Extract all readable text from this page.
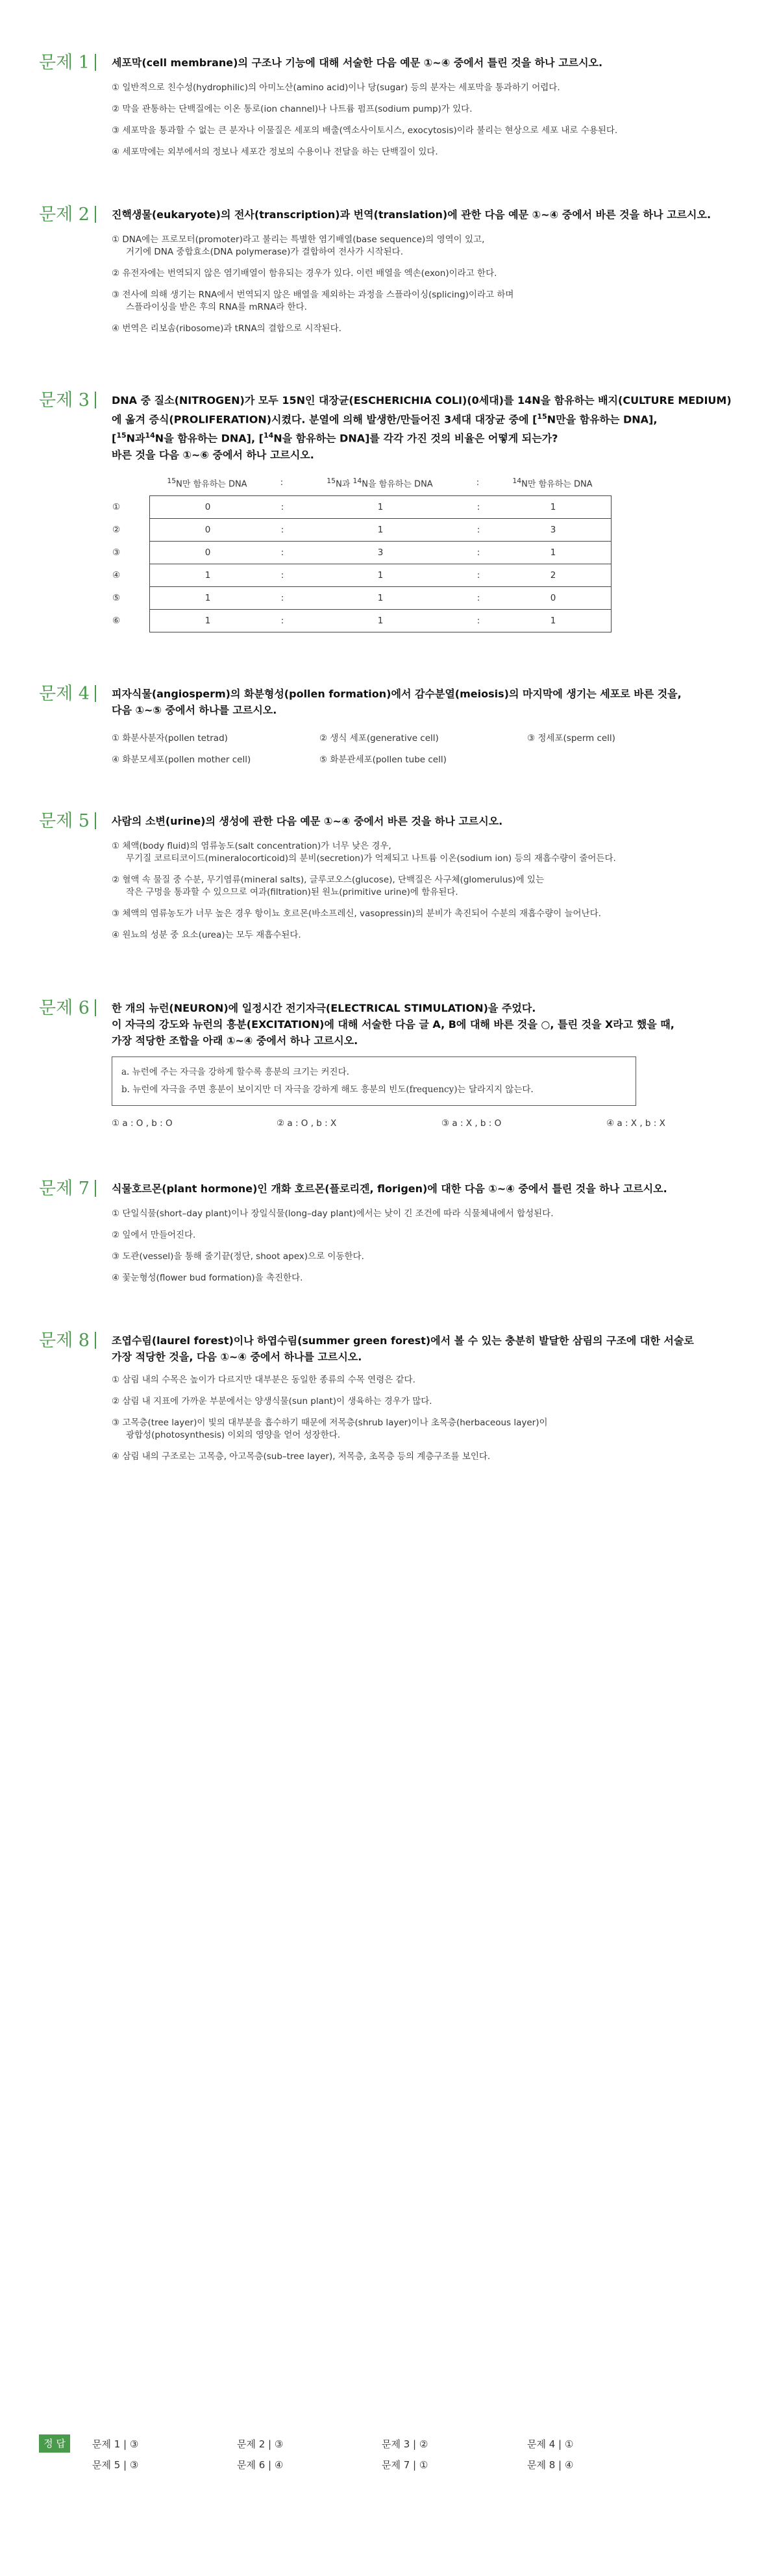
문제 1	세포막(cell membrane)의 구조나 기능에 대해 서술한 다음 예문 ①~④ 중에서 틀린 것을 하나 고르시오.
① 일반적으로 친수성(hydrophilic)의 아미노산(amino acid)이나 당(sugar) 등의 분자는 세포막을 통과하기 어렵다.
② 막을 관통하는 단백질에는 이온 통로(ion channel)나 나트륨 펌프(sodium pump)가 있다.
③ 세포막을 통과할 수 없는 큰 분자나 이물질은 세포의 배출(엑소사이토시스, exocytosis)이라 불리는 현상으로 세포 내로 수용된다.
④ 세포막에는 외부에서의 정보나 세포간 정보의 수용이나 전달을 하는 단백질이 있다.
문제 2	진핵생물(eukaryote)의 전사(transcription)과 번역(translation)에 관한 다음 예문 ①~④ 중에서 바른 것을 하나 고르시오.
① DNA에는 프로모터(promoter)라고 불리는 특별한 염기배열(base sequence)의 영역이 있고,
거기에 DNA 중합효소(DNA polymerase)가 결합하여 전사가 시작된다.
② 유전자에는 번역되지 않은 염기배열이 함유되는 경우가 있다. 이런 배열을 엑손(exon)이라고 한다.
③ 전사에 의해 생기는 RNA에서 번역되지 않은 배열을 제외하는 과정을 스플라이싱(splicing)이라고 하며
스플라이싱을 받은 후의 RNA를 mRNA라 한다.
④ 번역은 리보솜(ribosome)과 tRNA의 결합으로 시작된다.
문제 3	DNA 중 질소(NITROGEN)가 모두 15N인 대장균(ESCHERICHIA COLI)(0세대)를 14N을 함유하는 배지(CULTURE MEDIUM)
에 옮겨 증식(PROLIFERATION)시켰다. 분열에 의해 발생한/만들어진 3세대 대장균 중에 [$^{15}$N만을 함유하는 DNA],
[$^{15}$N과$^{14}$N을 함유하는 DNA], [$^{14}$N을 함유하는 DNA]를 각각 가진 것의 비율은 어떻게 되는가?
바른 것을 다음 ①~⑥ 중에서 하나 고르시오.
	$^{15}$N만 함유하는 DNA	:	$^{15}$N과 $^{14}$N을 함유하는 DNA	:	$^{14}$N만 함유하는 DNA
①	0	:	1	:	1
②	0	:	1	:	3
③	0	:	3	:	1
④	1	:	1	:	2
⑤	1	:	1	:	0
⑥	1	:	1	:	1
문제 4	피자식물(angiosperm)의 화분형성(pollen formation)에서 감수분열(meiosis)의 마지막에 생기는 세포로 바른 것을,
다음 ①~⑤ 중에서 하나를 고르시오.
① 화분사분자(pollen tetrad)	② 생식 세포(generative cell)	③ 정세포(sperm cell)
④ 화분모세포(pollen mother cell)	⑤ 화분관세포(pollen tube cell)
문제 5	사람의 소변(urine)의 생성에 관한 다음 예문 ①~④ 중에서 바른 것을 하나 고르시오.
① 체액(body fluid)의 염류농도(salt concentration)가 너무 낮은 경우,
무기질 코르티코이드(mineralocorticoid)의 분비(secretion)가 억제되고 나트륨 이온(sodium ion) 등의 재흡수량이 줄어든다.
② 혈액 속 물질 중 수분, 무기염류(mineral salts), 글루코오스(glucose), 단백질은 사구체(glomerulus)에 있는
작은 구멍을 통과할 수 있으므로 여과(filtration)된 원뇨(primitive urine)에 함유된다.
③ 체액의 염류농도가 너무 높은 경우 항이뇨 호르몬(바소프레신, vasopressin)의 분비가 촉진되어 수분의 재흡수량이 늘어난다.
④ 원뇨의 성분 중 요소(urea)는 모두 재흡수된다.
문제 6	한 개의 뉴런(NEURON)에 일정시간 전기자극(ELECTRICAL STIMULATION)을 주었다.
이 자극의 강도와 뉴런의 흥분(EXCITATION)에 대해 서술한 다음 글 A, B에 대해 바른 것을 ○, 틀린 것을 X라고 했을 때,
가장 적당한 조합을 아래 ①~④ 중에서 하나 고르시오.
a. 뉴런에 주는 자극을 강하게 할수록 흥분의 크기는 커진다.
b. 뉴런에 자극을 주면 흥분이 보이지만 더 자극을 강하게 해도 흥분의 빈도(frequency)는 달라지지 않는다.
① a : O , b : O	② a : O , b : X	③ a : X , b : O	④ a : X , b : X
문제 7	식물호르몬(plant hormone)인 개화 호르몬(플로리겐, florigen)에 대한 다음 ①~④ 중에서 틀린 것을 하나 고르시오.
① 단일식물(short–day plant)이나 장일식물(long–day plant)에서는 낮이 긴 조건에 따라 식물체내에서 합성된다.
② 잎에서 만들어진다.
③ 도관(vessel)을 통해 줄기끝(정단, shoot apex)으로 이동한다.
④ 꽃눈형성(flower bud formation)을 촉진한다.
문제 8	조엽수림(laurel forest)이나 하엽수림(summer green forest)에서 볼 수 있는 충분히 발달한 삼림의 구조에 대한 서술로
가장 적당한 것을, 다음 ①~④ 중에서 하나를 고르시오.
① 삼림 내의 수목은 높이가 다르지만 대부분은 동일한 종류의 수목 연령은 같다.
② 삼림 내 지표에 가까운 부분에서는 양생식물(sun plant)이 생육하는 경우가 많다.
③ 고목층(tree layer)이 빛의 대부분을 흡수하기 때문에 저목층(shrub layer)이나 초목층(herbaceous layer)이
광합성(photosynthesis) 이외의 영양을 얻어 성장한다.
④ 삼림 내의 구조로는 고목층, 아고목층(sub–tree layer), 저목층, 초목층 등의 계층구조를 보인다.
정 답	문제 1 | ③	문제 2 | ③	문제 3 | ②	문제 4 | ①
문제 5 | ③	문제 6 | ④	문제 7 | ①	문제 8 | ④
